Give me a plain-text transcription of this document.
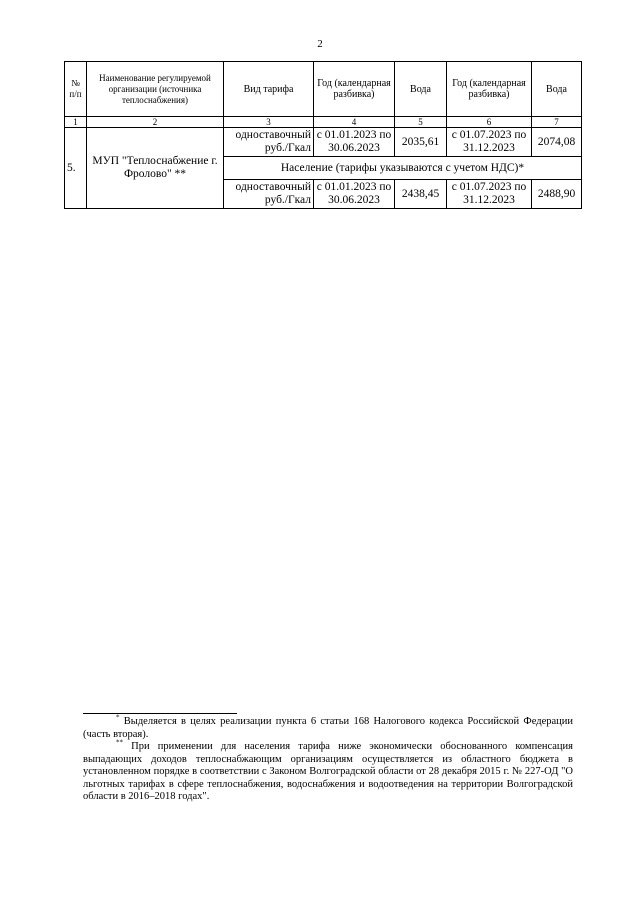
2
№ п/п	Наименование регулируемой организации (источника теплоснабжения)	Вид тарифа	Год (календарная разбивка)	Вода	Год (календарная разбивка)	Вода
1	2	3	4	5	6	7
5.	МУП "Теплоснабжение г. Фролово" **	одноставочный руб./Гкал	с 01.01.2023 по 30.06.2023	2035,61	с 01.07.2023 по 31.12.2023	2074,08
		Население (тарифы указываются с учетом НДС)*				
		одноставочный руб./Гкал	с 01.01.2023 по 30.06.2023	2438,45	с 01.07.2023 по 31.12.2023	2488,90

* Выделяется в целях реализации пункта 6 статьи 168 Налогового кодекса Российской Федерации (часть вторая).

** При применении для населения тарифа ниже экономически обоснованного компенсация выпадающих доходов теплоснабжающим организациям осуществляется из областного бюджета в установленном порядке в соответствии с Законом Волгоградской области от 28 декабря 2015 г. № 227-ОД "О льготных тарифах в сфере теплоснабжения, водоснабжения и водоотведения на территории Волгоградской области в 2016–2018 годах".
